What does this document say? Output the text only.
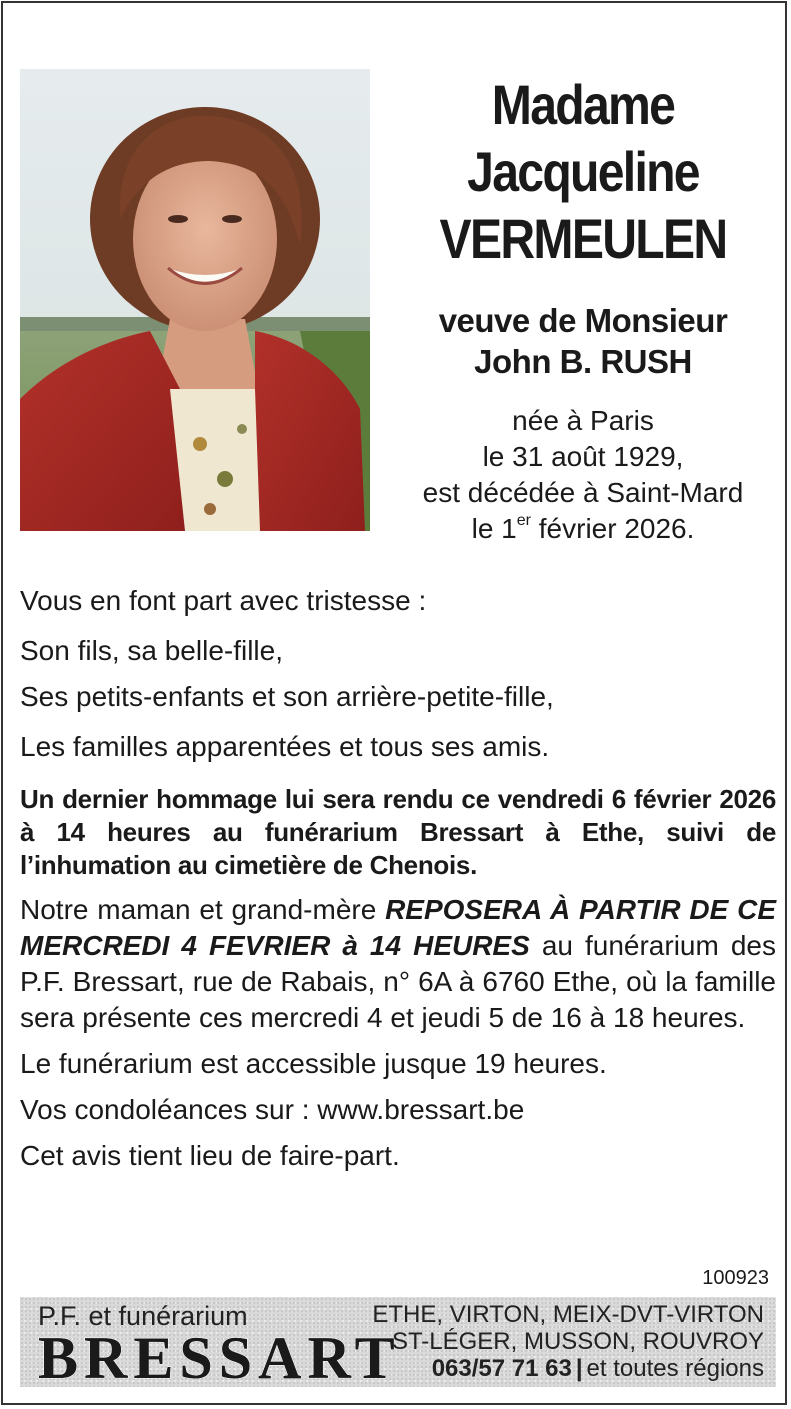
Madame
Jacqueline
VERMEULEN
veuve de Monsieur
John B. RUSH
née à Paris
le 31 août 1929,
est décédée à Saint-Mard
le 1er février 2026.

Vous en font part avec tristesse :

Son fils, sa belle-fille,

Ses petits-enfants et son arrière-petite-fille,

Les familles apparentées et tous ses amis.

Un dernier hommage lui sera rendu ce vendredi 6 février 2026 à 14 heures au funérarium Bressart à Ethe, suivi de l’inhumation au cimetière de Chenois.

Notre maman et grand-mère REPOSERA À PARTIR DE CE MERCREDI 4 FEVRIER à 14 HEURES au funérarium des P.F. Bressart, rue de Rabais, n° 6A à 6760 Ethe, où la famille sera présente ces mercredi 4 et jeudi 5 de 16 à 18 heures.

Le funérarium est accessible jusque 19 heures.

Vos condoléances sur : www.bressart.be

Cet avis tient lieu de faire-part.

100923
P.F. et funérarium
BRESSART
ETHE, VIRTON, MEIX-DVT-VIRTON
ST-LÉGER, MUSSON, ROUVROY
063/57 71 63 | et toutes régions
